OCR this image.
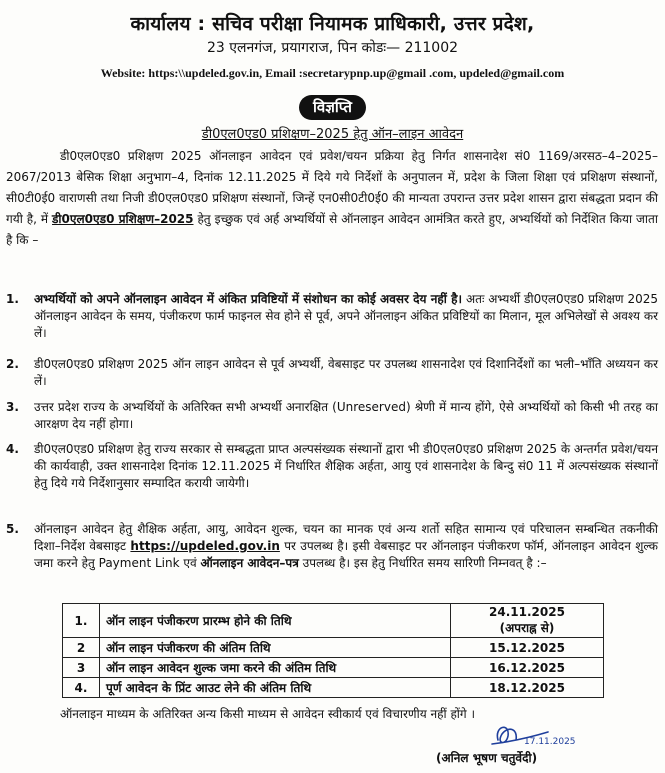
कार्यालय : सचिव परीक्षा नियामक प्राधिकारी, उत्तर प्रदेश,
23 एलनगंज, प्रयागराज, पिन कोडः— 211002
Website: https:\\updeled.gov.in, Email :secretarypnp.up@gmail .com, updeled@gmail.com
विज्ञप्ति
डी0एल0एड0 प्रशिक्षण–2025 हेतु ऑन–लाइन आवेदन
डी0एल0एड0 प्रशिक्षण 2025 ऑनलाइन आवेदन एवं प्रवेश/चयन प्रक्रिया हेतु निर्गत शासनादेश सं0 1169/अरसठ–4–2025–2067/2013 बेसिक शिक्षा अनुभाग–4, दिनांक 12.11.2025 में दिये गये निर्देशों के अनुपालन में, प्रदेश के जिला शिक्षा एवं प्रशिक्षण संस्थानों, सी0टी0ई0 वाराणसी तथा निजी डी0एल0एड0 प्रशिक्षण संस्थानों, जिन्हें एन0सी0टी0ई0 की मान्यता उपरान्त उत्तर प्रदेश शासन द्वारा संबद्धता प्रदान की गयी है, में डी0एल0एड0 प्रशिक्षण–2025 हेतु इच्छुक एवं अर्ह अभ्यर्थियों से ऑनलाइन आवेदन आमंत्रित करते हुए, अभ्यर्थियों को निर्देशित किया जाता है कि –
1.	अभ्यर्थियों को अपने ऑनलाइन आवेदन में अंकित प्रविष्टियों में संशोधन का कोई अवसर देय नहीं है। अतः अभ्यर्थी डी0एल0एड0 प्रशिक्षण 2025 ऑनलाइन आवेदन के समय, पंजीकरण फार्म फाइनल सेव होने से पूर्व, अपने ऑनलाइन अंकित प्रविष्टियों का मिलान, मूल अभिलेखों से अवश्य कर लें।
2.	डी0एल0एड0 प्रशिक्षण 2025 ऑन लाइन आवेदन से पूर्व अभ्यर्थी, वेबसाइट पर उपलब्ध शासनादेश एवं दिशानिर्देशों का भली–भाँति अध्ययन कर लें।
3.	उत्तर प्रदेश राज्य के अभ्यर्थियों के अतिरिक्त सभी अभ्यर्थी अनारक्षित (Unreserved) श्रेणी में मान्य होंगे, ऐसे अभ्यर्थियों को किसी भी तरह का आरक्षण देय नहीं होगा।
4.	डी0एल0एड0 प्रशिक्षण हेतु राज्य सरकार से सम्बद्धता प्राप्त अल्पसंख्यक संस्थानों द्वारा भी डी0एल0एड0 प्रशिक्षण 2025 के अन्तर्गत प्रवेश/चयन की कार्यवाही, उक्त शासनादेश दिनांक 12.11.2025 में निर्धारित शैक्षिक अर्हता, आयु एवं शासनादेश के बिन्दु सं0 11 में अल्पसंख्यक संस्थानों हेतु दिये गये निर्देशानुसार सम्पादित करायी जायेगी।
5.	ऑनलाइन आवेदन हेतु शैक्षिक अर्हता, आयु, आवेदन शुल्क, चयन का मानक एवं अन्य शर्तो सहित सामान्य एवं परिचालन सम्बन्धित तकनीकी दिशा–निर्देश वेबसाइट https://updeled.gov.in पर उपलब्ध है। इसी वेबसाइट पर ऑनलाइन पंजीकरण फॉर्म, ऑनलाइन आवेदन शुल्क जमा करने हेतु Payment Link एवं ऑनलाइन आवेदन–पत्र उपलब्ध है। इस हेतु निर्धारित समय सारिणी निम्नवत् है :–
1.	ऑन लाइन पंजीकरण प्रारम्भ होने की तिथि	24.11.2025
(अपराह्न से)
2	ऑन लाइन पंजीकरण की अंतिम तिथि	15.12.2025
3	ऑन लाइन आवेदन शुल्क जमा करने की अंतिम तिथि	16.12.2025
4.	पूर्ण आवेदन के प्रिंट आउट लेने की अंतिम तिथि	18.12.2025
ऑनलाइन माध्यम के अतिरिक्त अन्य किसी माध्यम से आवेदन स्वीकार्य एवं विचारणीय नहीं होंगे ।
17.11.2025
(अनिल भूषण चतुर्वेदी)
